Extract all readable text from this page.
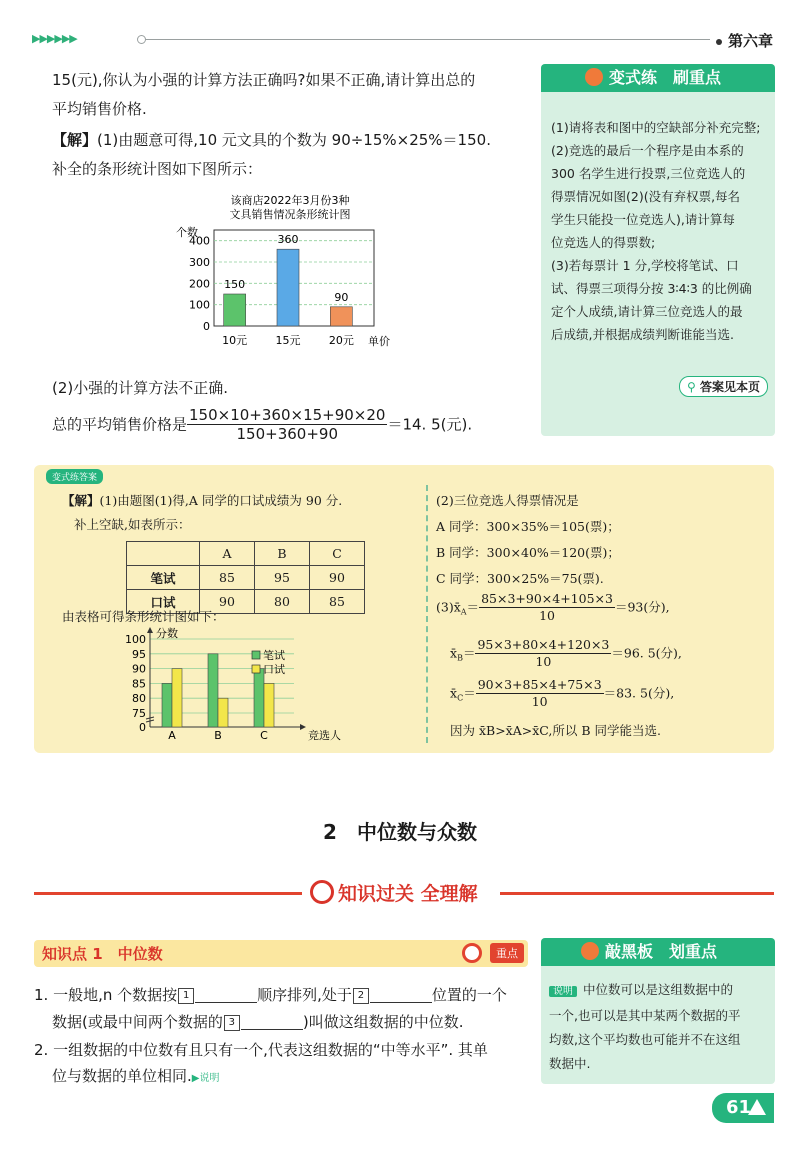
▶▶▶▶▶▶	第六章
15(元),你认为小强的计算方法正确吗?如果不正确,请计算出总的
平均销售价格.
【解】(1)由题意可得,10 元文具的个数为 90÷15%×25%＝150.
补全的条形统计图如下图所示：
该商店2022年3月份3种
文具销售情况条形统计图
个数
0
100
200
300
400
150
360
90
10元	15元	20元 单价
(2)小强的计算方法不正确.
总的平均销售价格是 $\frac{150\times 10+360\times 15+90\times 20}{150+360+90} =14$. 5(元).
变式练　刷重点
(1)请将表和图中的空缺部分补充完整;
(2)竞选的最后一个程序是由本系的
300 名学生进行投票,三位竞选人的
得票情况如图(2)(没有弃权票,每名
学生只能投一位竞选人),请计算每
位竞选人的得票数;
(3)若每票计 1 分,学校将笔试、口
试、得票三项得分按 3∶4∶3 的比例确
定个人成绩,请计算三位竞选人的最
后成绩,并根据成绩判断谁能当选.
⚲ 答案见本页
变式练答案
【解】(1)由题图(1)得,A 同学的口试成绩为 90 分.
补上空缺,如表所示：
	A	B	C
笔试	85	95	90
口试	90	80	85
由表格可得条形统计图如下：
分数
0
75
80
85
90
95
100
A	B	C	竞选人
笔试
口试
(2)三位竞选人得票情况是
A 同学：300×35%＝105(票)；
B 同学：300×40%＝120(票)；
C 同学：300×25%＝75(票).
$(3)x̄_A= \frac{85\times 3+90\times 4+105\times 3}{10} =93$(分),
$x̄_B= \frac{95\times 3+80\times 4+120\times 3}{10} =96$. 5(分),
$x̄_C= \frac{90\times 3+85\times 4+75\times 3}{10} =83$. 5(分),
因为 x̄B>x̄A>x̄C,所以 B 同学能当选.
2　中位数与众数
知识过关 全理解
知识点 1　中位数	重点
1. 一般地,n 个数据按 1	顺序排列,处于 2	位置的一个
数据(或最中间两个数据的 3	)叫做这组数据的中位数.
2. 一组数据的中位数有且只有一个,代表这组数据的“中等水平”. 其单
位与数据的单位相同.▶说明
敲黑板　划重点
说明 中位数可以是这组数据中的
一个,也可以是其中某两个数据的平
均数,这个平均数也可能并不在这组
数据中.
61
